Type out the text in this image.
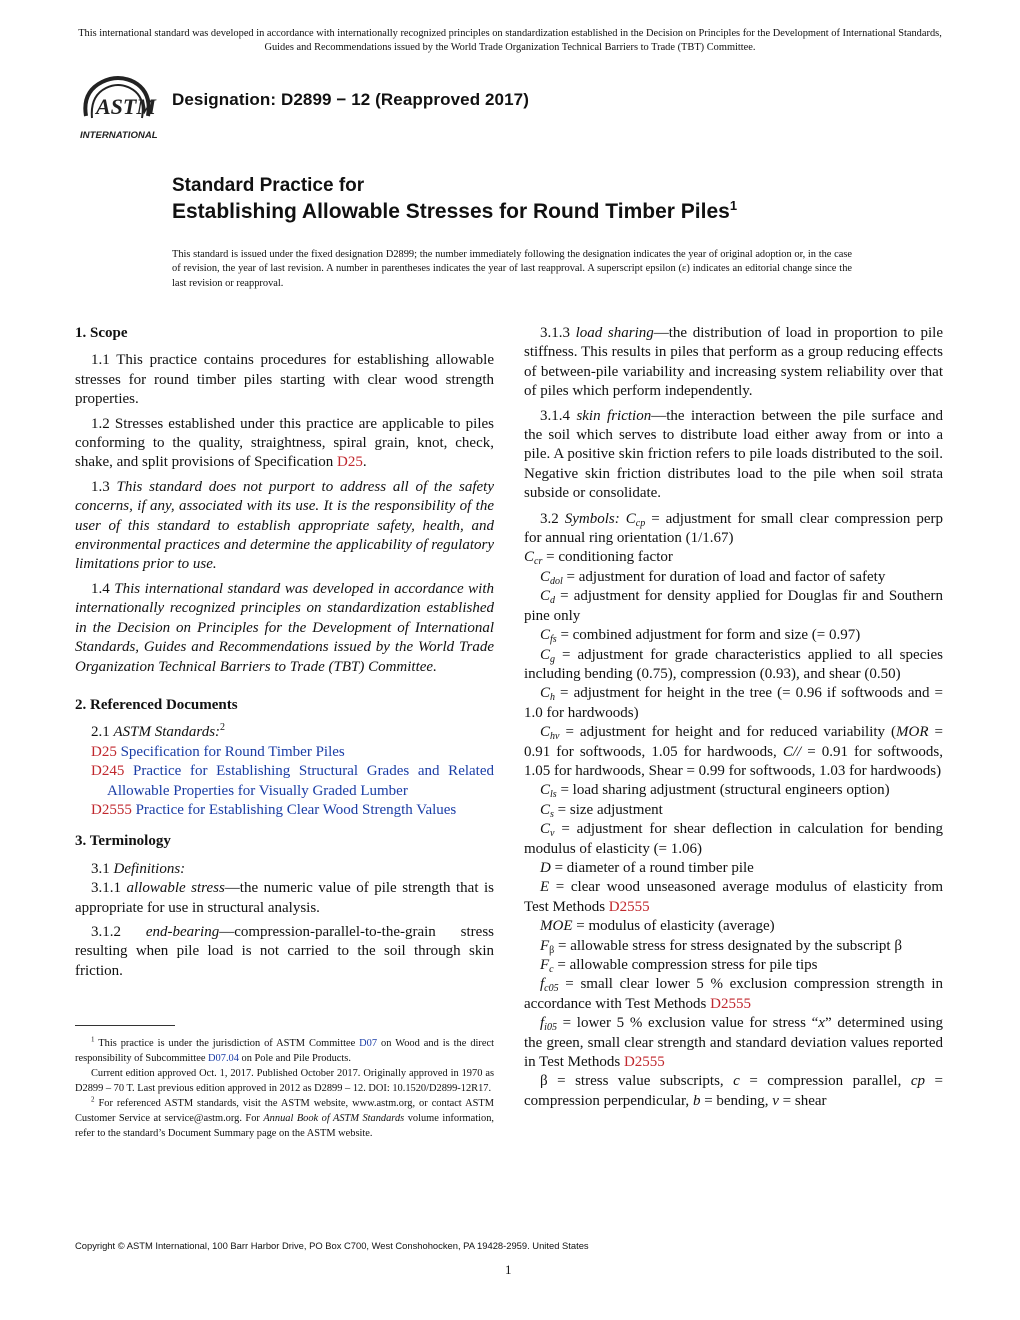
This international standard was developed in accordance with internationally recognized principles on standardization established in the Decision on Principles for the Development of International Standards, Guides and Recommendations issued by the World Trade Organization Technical Barriers to Trade (TBT) Committee.
ASTM
INTERNATIONAL
Designation: D2899 − 12 (Reapproved 2017)
Standard Practice for
Establishing Allowable Stresses for Round Timber Piles$^1$
This standard is issued under the fixed designation D2899; the number immediately following the designation indicates the year of original adoption or, in the case of revision, the year of last revision. A number in parentheses indicates the year of last reapproval. A superscript epsilon (ε) indicates an editorial change since the last revision or reapproval.

1. Scope

1.1 This practice contains procedures for establishing allowable stresses for round timber piles starting with clear wood strength properties.

1.2 Stresses established under this practice are applicable to piles conforming to the quality, straightness, spiral grain, knot, check, shake, and split provisions of Specification D25.

1.3 This standard does not purport to address all of the safety concerns, if any, associated with its use. It is the responsibility of the user of this standard to establish appropriate safety, health, and environmental practices and determine the applicability of regulatory limitations prior to use.

1.4 This international standard was developed in accordance with internationally recognized principles on standardization established in the Decision on Principles for the Development of International Standards, Guides and Recommendations issued by the World Trade Organization Technical Barriers to Trade (TBT) Committee.

2. Referenced Documents

2.1 ASTM Standards:$^2$

D25 Specification for Round Timber Piles

D245 Practice for Establishing Structural Grades and Related Allowable Properties for Visually Graded Lumber

D2555 Practice for Establishing Clear Wood Strength Values

3. Terminology

3.1 Definitions:

3.1.1 allowable stress—the numeric value of pile strength that is appropriate for use in structural analysis.

3.1.2 end-bearing—compression-parallel-to-the-grain stress resulting when pile load is not carried to the soil through skin friction.

3.1.3 load sharing—the distribution of load in proportion to pile stiffness. This results in piles that perform as a group reducing effects of between-pile variability and increasing system reliability over that of piles which perform independently.

3.1.4 skin friction—the interaction between the pile surface and the soil which serves to distribute load either away from or into a pile. A positive skin friction refers to pile loads distributed to the soil. Negative skin friction distributes load to the pile when soil strata subside or consolidate.

3.2 Symbols: $C_{cp}$ = adjustment for small clear compression perp for annual ring orientation (1/1.67)

$C_{cr}$ = conditioning factor

$C_{dol}$ = adjustment for duration of load and factor of safety

$C_d$ = adjustment for density applied for Douglas fir and Southern pine only

$C_{fs}$ = combined adjustment for form and size (= 0.97)

$C_g$ = adjustment for grade characteristics applied to all species including bending (0.75), compression (0.93), and shear (0.50)

$C_h$ = adjustment for height in the tree (= 0.96 if softwoods and = 1.0 for hardwoods)

$C_{hv}$ = adjustment for height and for reduced variability (MOR = 0.91 for softwoods, 1.05 for hardwoods, C// = 0.91 for softwoods, 1.05 for hardwoods, Shear = 0.99 for softwoods, 1.03 for hardwoods)

$C_{ls}$ = load sharing adjustment (structural engineers option)

$C_s$ = size adjustment

$C_v$ = adjustment for shear deflection in calculation for bending modulus of elasticity (= 1.06)

D = diameter of a round timber pile

E = clear wood unseasoned average modulus of elasticity from Test Methods D2555

MOE = modulus of elasticity (average)

$F_\beta$ = allowable stress for stress designated by the subscript β

$F_c$ = allowable compression stress for pile tips

$f_{c05}$ = small clear lower 5 % exclusion compression strength in accordance with Test Methods D2555

$f_{i05}$ = lower 5 % exclusion value for stress “x” determined using the green, small clear strength and standard deviation values reported in Test Methods D2555

β = stress value subscripts, c = compression parallel, cp = compression perpendicular, b = bending, v = shear

$^1$ This practice is under the jurisdiction of ASTM Committee D07 on Wood and is the direct responsibility of Subcommittee D07.04 on Pole and Pile Products.

Current edition approved Oct. 1, 2017. Published October 2017. Originally approved in 1970 as D2899 – 70 T. Last previous edition approved in 2012 as D2899 – 12. DOI: 10.1520/D2899-12R17.

$^2$ For referenced ASTM standards, visit the ASTM website, www.astm.org, or contact ASTM Customer Service at service@astm.org. For Annual Book of ASTM Standards volume information, refer to the standard’s Document Summary page on the ASTM website.

Copyright © ASTM International, 100 Barr Harbor Drive, PO Box C700, West Conshohocken, PA 19428-2959. United States
1
